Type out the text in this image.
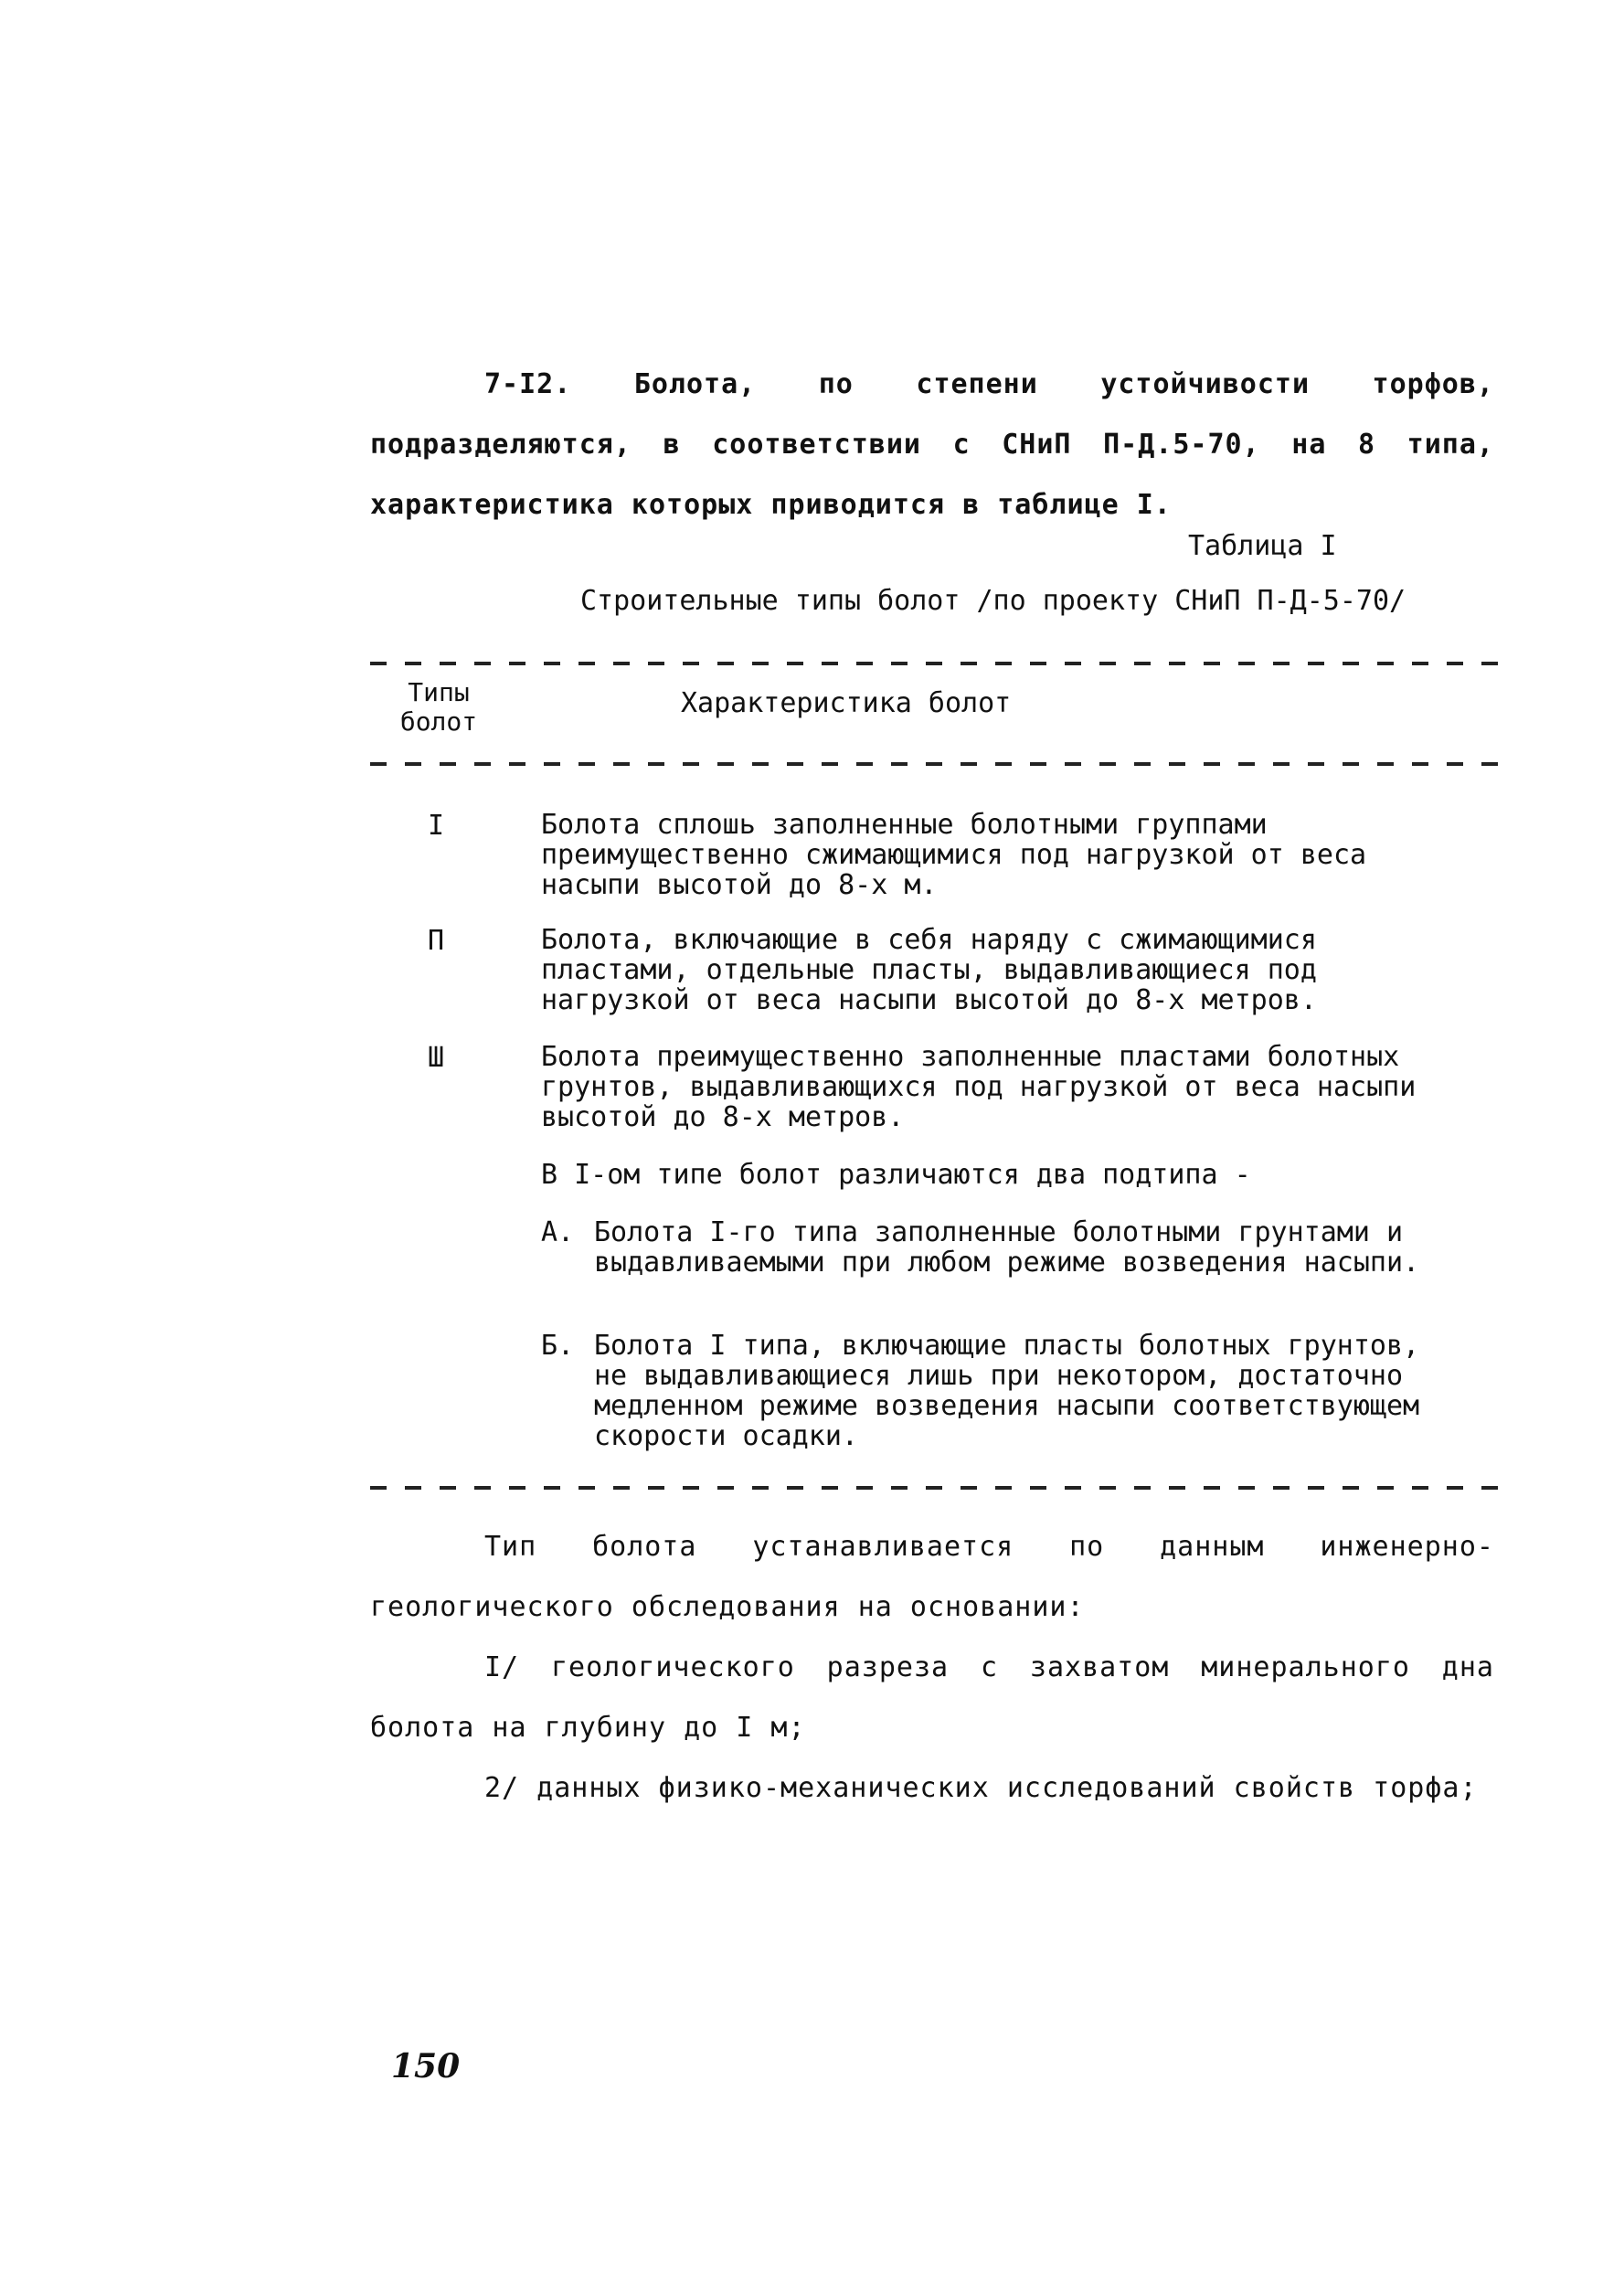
7-I2. Болота, по степени устойчивости торфов, подразделяются, в соответствии с СНиП П-Д.5-70, на 8 типа, характеристика которых приводится в таблице I.

Таблица I
Строительные типы болот /по проекту СНиП П-Д-5-70/
Типы
болот
Характеристика болот
I	Болота сплошь заполненные болотными группами преимущественно сжимающимися под нагрузкой от веса насыпи высотой до 8-х м.

П	Болота, включающие в себя наряду с сжимающимися пластами, отдельные пласты, выдавливающиеся под нагрузкой от веса насыпи высотой до 8-х метров.

Ш	Болота преимущественно заполненные пластами болотных грунтов, выдавливающихся под нагрузкой от веса насыпи высотой до 8-х метров.

В I-ом типе болот различаются два подтипа -
А. Болота I-го типа заполненные болотными грунтами и выдавливаемыми при любом режиме возведения насыпи.
Б. Болота I типа, включающие пласты болотных грунтов, не выдавливающиеся лишь при некотором, достаточно медленном режиме возведения насыпи соответствующем скорости осадки.

Тип болота устанавливается по данным инженерно-геологического обследования на основании:

I/ геологического разреза с захватом минерального дна болота на глубину до I м;

2/ данных физико-механических исследований свойств торфа;

150
